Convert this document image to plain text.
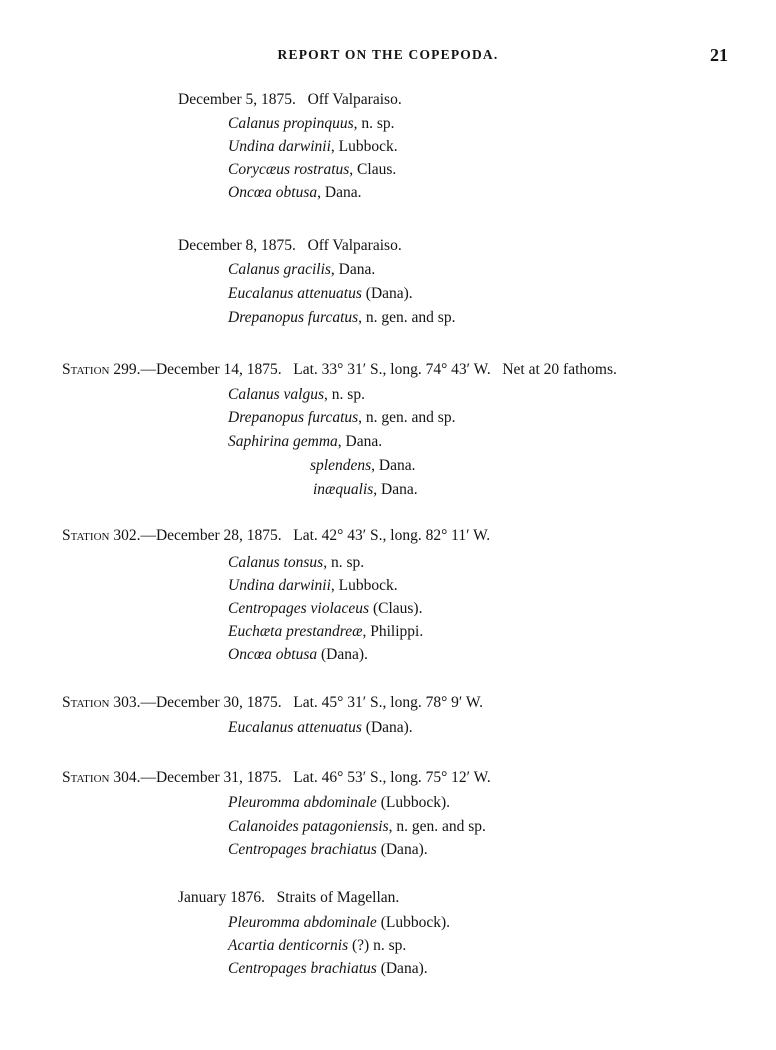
REPORT ON THE COPEPODA.	21
December 5, 1875. Off Valparaiso.
Calanus propinquus, n. sp.
Undina darwinii, Lubbock.
Corycæus rostratus, Claus.
Oncœa obtusa, Dana.
December 8, 1875. Off Valparaiso.
Calanus gracilis, Dana.
Eucalanus attenuatus (Dana).
Drepanopus furcatus, n. gen. and sp.
Station 299.—December 14, 1875. Lat. 33° 31′ S., long. 74° 43′ W. Net at 20 fathoms.
Calanus valgus, n. sp.
Drepanopus furcatus, n. gen. and sp.
Saphirina gemma, Dana.
splendens, Dana.
inæqualis, Dana.
Station 302.—December 28, 1875. Lat. 42° 43′ S., long. 82° 11′ W.
Calanus tonsus, n. sp.
Undina darwinii, Lubbock.
Centropages violaceus (Claus).
Euchæta prestandreæ, Philippi.
Oncœa obtusa (Dana).
Station 303.—December 30, 1875. Lat. 45° 31′ S., long. 78° 9′ W.
Eucalanus attenuatus (Dana).
Station 304.—December 31, 1875. Lat. 46° 53′ S., long. 75° 12′ W.
Pleuromma abdominale (Lubbock).
Calanoides patagoniensis, n. gen. and sp.
Centropages brachiatus (Dana).
January 1876. Straits of Magellan.
Pleuromma abdominale (Lubbock).
Acartia denticornis (?) n. sp.
Centropages brachiatus (Dana).
